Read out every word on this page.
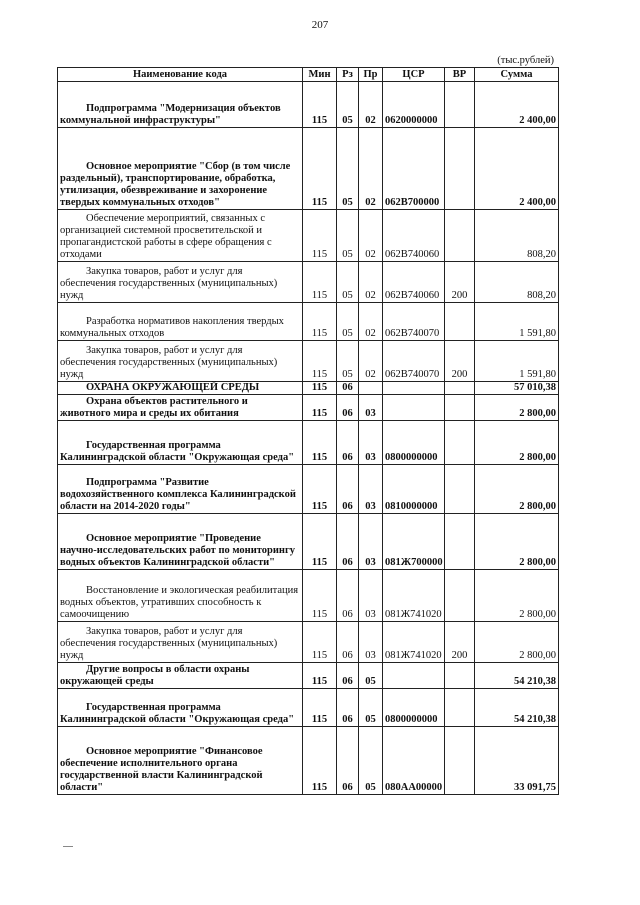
207
(тыс.рублей)
Наименование кода	Мин	Рз	Пр	ЦСР	ВР	Сумма
Подпрограмма "Модернизация объектов коммунальной инфраструктуры"	115	05	02	0620000000		2 400,00
Основное мероприятие "Сбор (в том числе раздельный), транспортирование, обработка, утилизация, обезвреживание и захоронение твердых коммунальных отходов"	115	05	02	062В700000		2 400,00
Обеспечение мероприятий, связанных с организацией системной просветительской и пропагандистской работы в сфере обращения с отходами	115	05	02	062В740060		808,20
Закупка товаров, работ и услуг для обеспечения государственных (муниципальных) нужд	115	05	02	062В740060	200	808,20
Разработка нормативов накопления твердых коммунальных отходов	115	05	02	062В740070		1 591,80
Закупка товаров, работ и услуг для обеспечения государственных (муниципальных) нужд	115	05	02	062В740070	200	1 591,80
ОХРАНА ОКРУЖАЮЩЕЙ СРЕДЫ	115	06				57 010,38
Охрана объектов растительного и животного мира и среды их обитания	115	06	03			2 800,00
Государственная программа Калининградской области "Окружающая среда"	115	06	03	0800000000		2 800,00
Подпрограмма "Развитие водохозяйственного комплекса Калининградской области на 2014-2020 годы"	115	06	03	0810000000		2 800,00
Основное мероприятие "Проведение научно-исследовательских работ по мониторингу водных объектов Калининградской области"	115	06	03	081Ж700000		2 800,00
Восстановление и экологическая реабилитация водных объектов, утративших способность к самоочищению	115	06	03	081Ж741020		2 800,00
Закупка товаров, работ и услуг для обеспечения государственных (муниципальных) нужд	115	06	03	081Ж741020	200	2 800,00
Другие вопросы в области охраны окружающей среды	115	06	05			54 210,38
Государственная программа Калининградской области "Окружающая среда"	115	06	05	0800000000		54 210,38
Основное мероприятие "Финансовое обеспечение исполнительного органа государственной власти Калининградской области"	115	06	05	080АА00000		33 091,75
